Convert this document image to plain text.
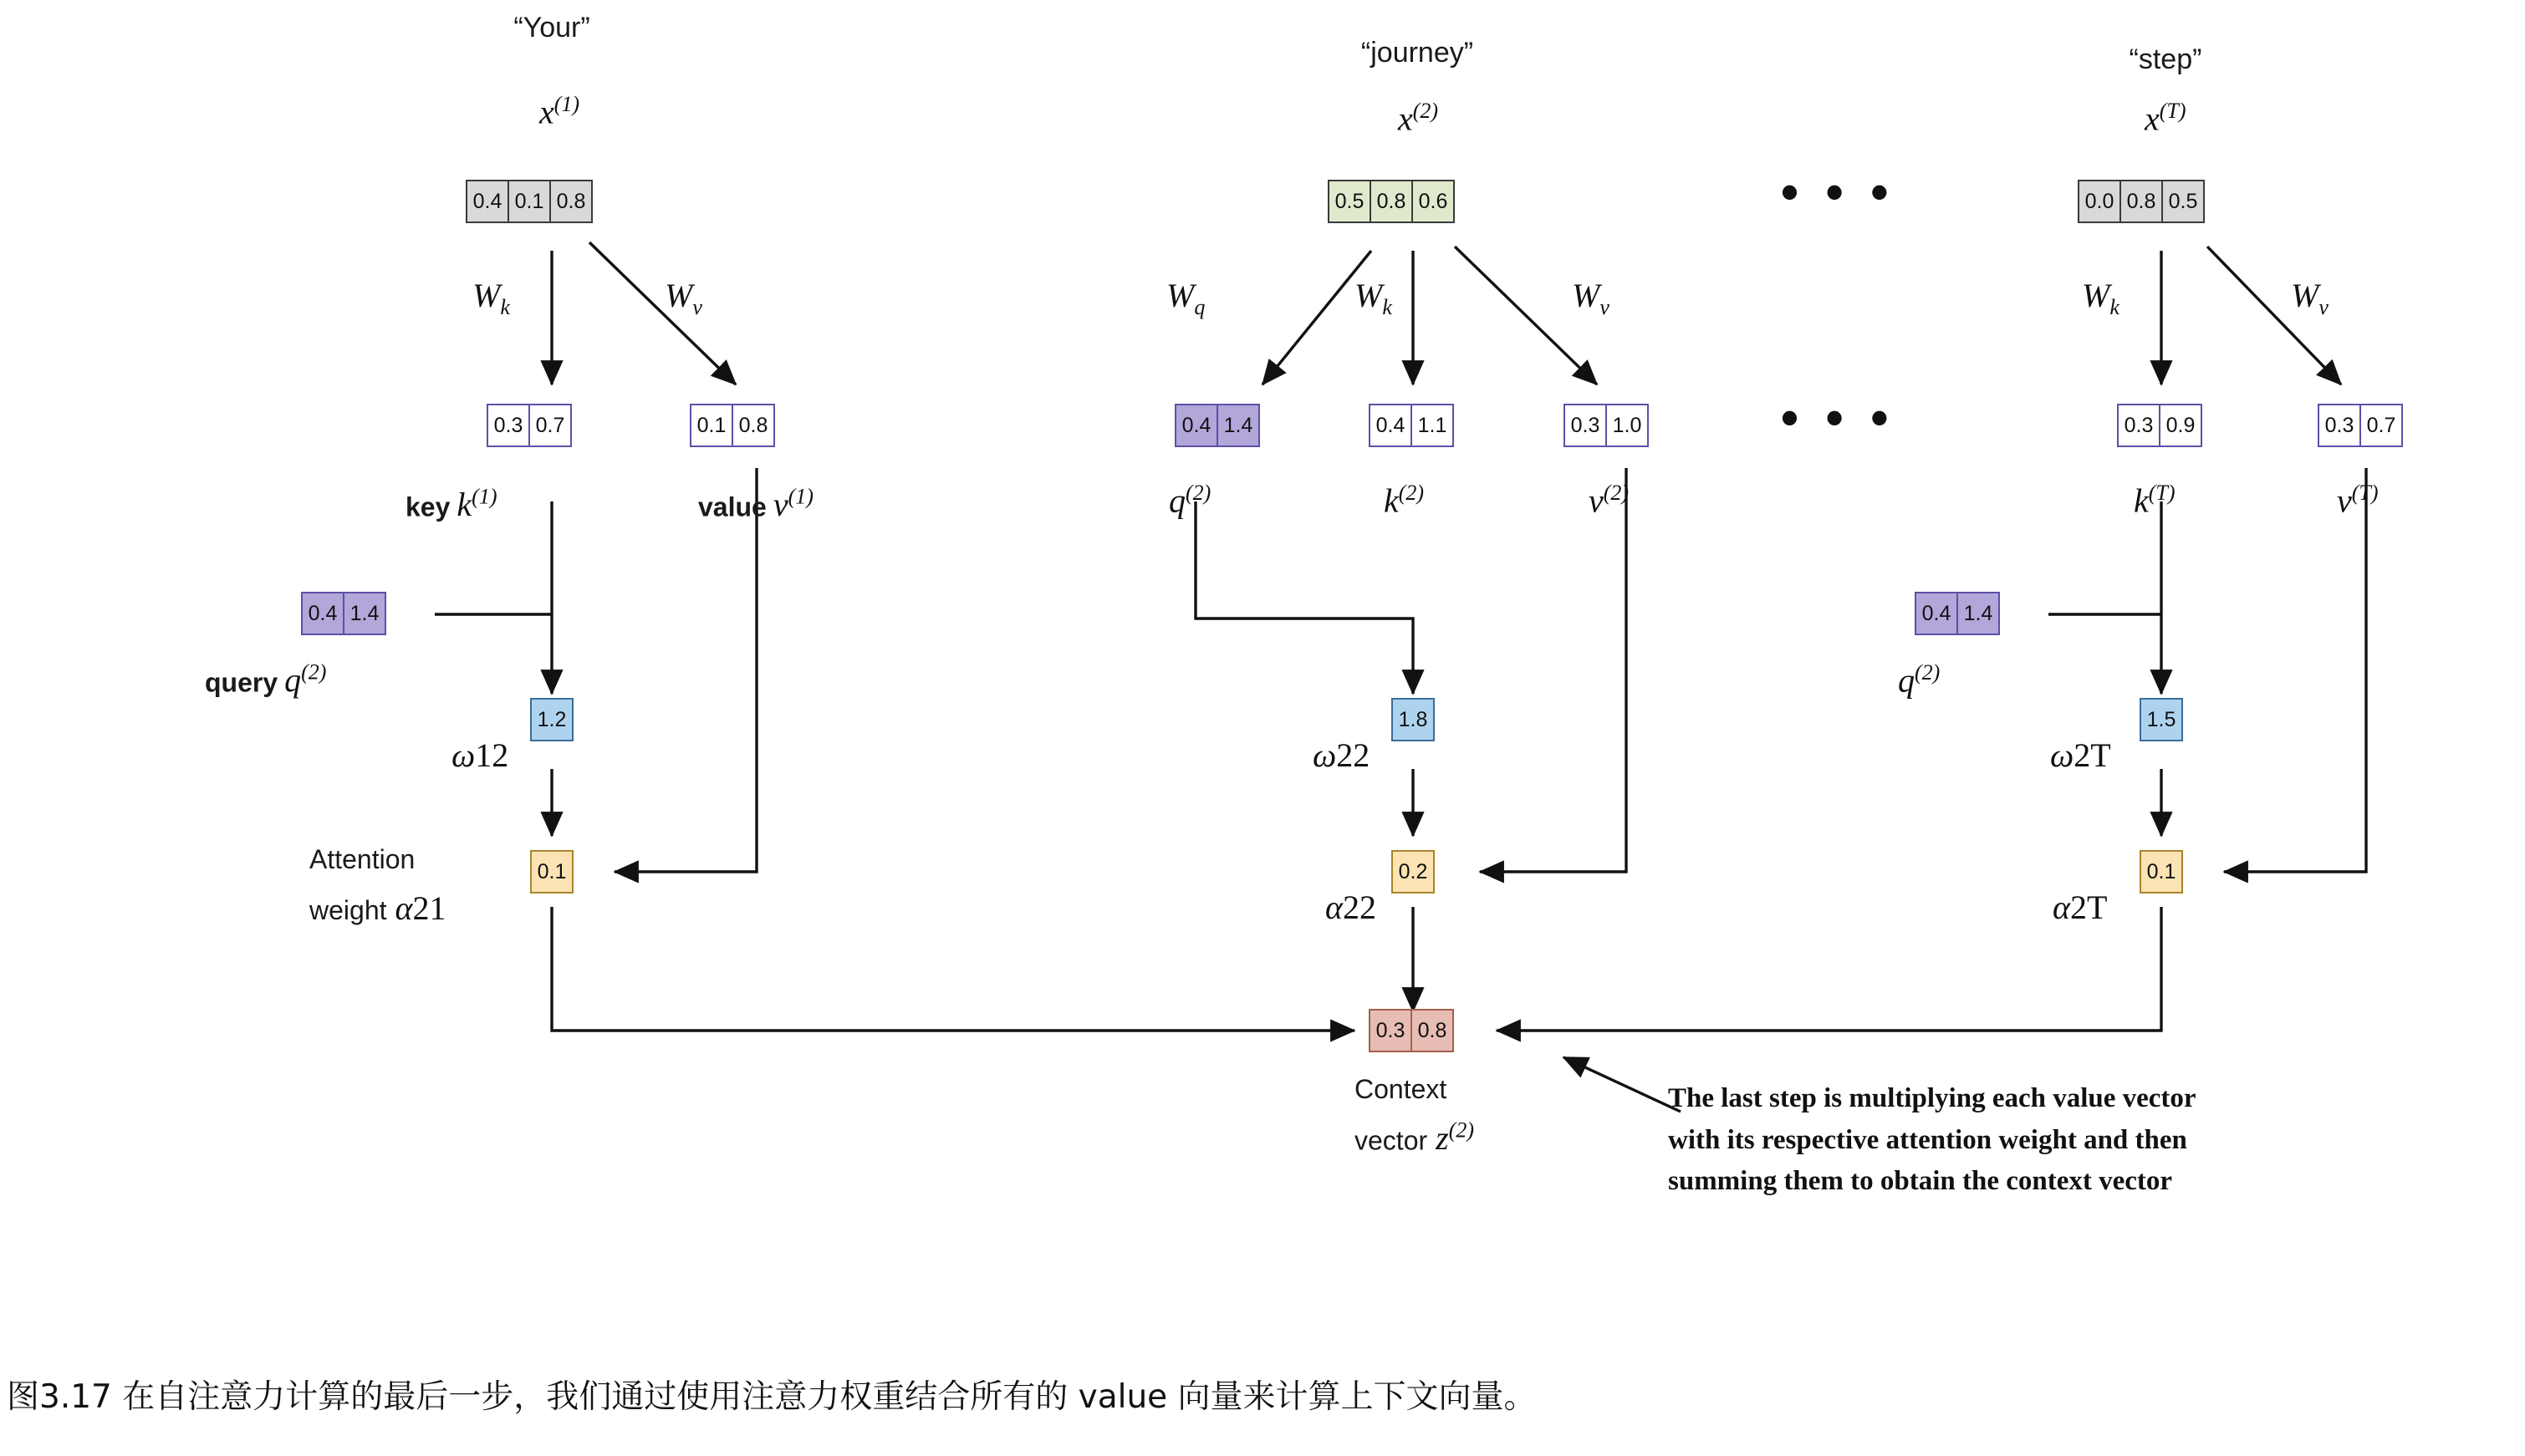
“Your”
$x^{(1)}$
0.4 0.1 0.8
$W_k$	$W_v$
0.3 0.7	0.1 0.8
key $k^{(1)}$	value $v^{(1)}$
0.4 1.4
query $q^{(2)}$
1.2
ω12
0.1
Attention
weight α21
“journey”
$x^{(2)}$
0.5 0.8 0.6
$W_q$	$W_k$	$W_v$
0.4 1.4	0.4 1.1	0.3 1.0
$q^{(2)}$	$k^{(2)}$	$v^{(2)}$
1.8
ω22
0.2
α22
• • •
• • •
“step”
$x^{(T)}$
0.0 0.8 0.5
$W_k$	$W_v$
0.3 0.9	0.3 0.7
$k^{(T)}$	$v^{(T)}$
0.4 1.4
$q^{(2)}$
1.5
ω2T
0.1
α2T
0.3 0.8
Context
vector $z^{(2)}$
The last step is multiplying each value vector
with its respective attention weight and then
summing them to obtain the context vector
图3.17 在自注意力计算的最后一步，我们通过使用注意力权重结合所有的 value 向量来计算上下文向量。
